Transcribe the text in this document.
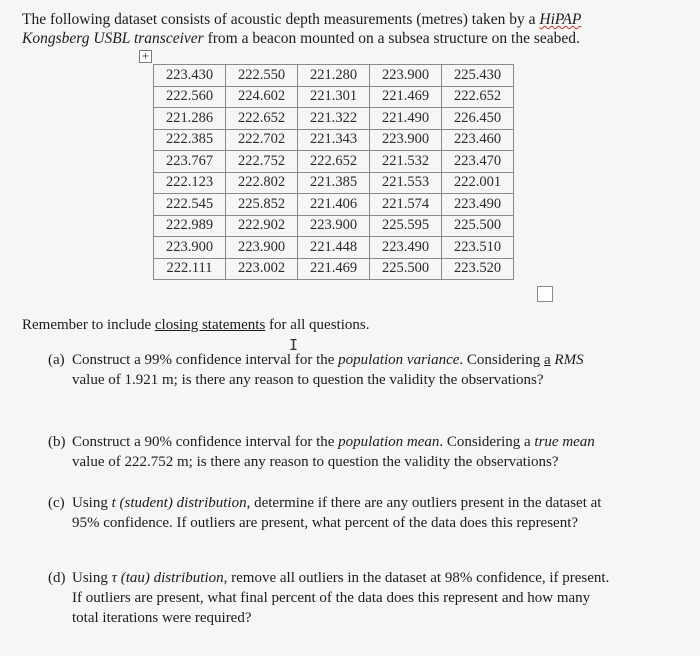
The following dataset consists of acoustic depth measurements (metres) taken by a HiPAP
Kongsberg USBL transceiver from a beacon mounted on a subsea structure on the seabed.
+
223.430	222.550	221.280	223.900	225.430
222.560	224.602	221.301	221.469	222.652
221.286	222.652	221.322	221.490	226.450
222.385	222.702	221.343	223.900	223.460
223.767	222.752	222.652	221.532	223.470
222.123	222.802	221.385	221.553	222.001
222.545	225.852	221.406	221.574	223.490
222.989	222.902	223.900	225.595	225.500
223.900	223.900	221.448	223.490	223.510
222.111	223.002	221.469	225.500	223.520
Remember to include closing statements for all questions.
I
(a) Construct a 99% confidence interval for the population variance. Considering a RMS
value of 1.921 m; is there any reason to question the validity the observations?
(b) Construct a 90% confidence interval for the population mean. Considering a true mean
value of 222.752 m; is there any reason to question the validity the observations?
(c) Using t (student) distribution, determine if there are any outliers present in the dataset at
95% confidence. If outliers are present, what percent of the data does this represent?
(d) Using τ (tau) distribution, remove all outliers in the dataset at 98% confidence, if present.
If outliers are present, what final percent of the data does this represent and how many
total iterations were required?
